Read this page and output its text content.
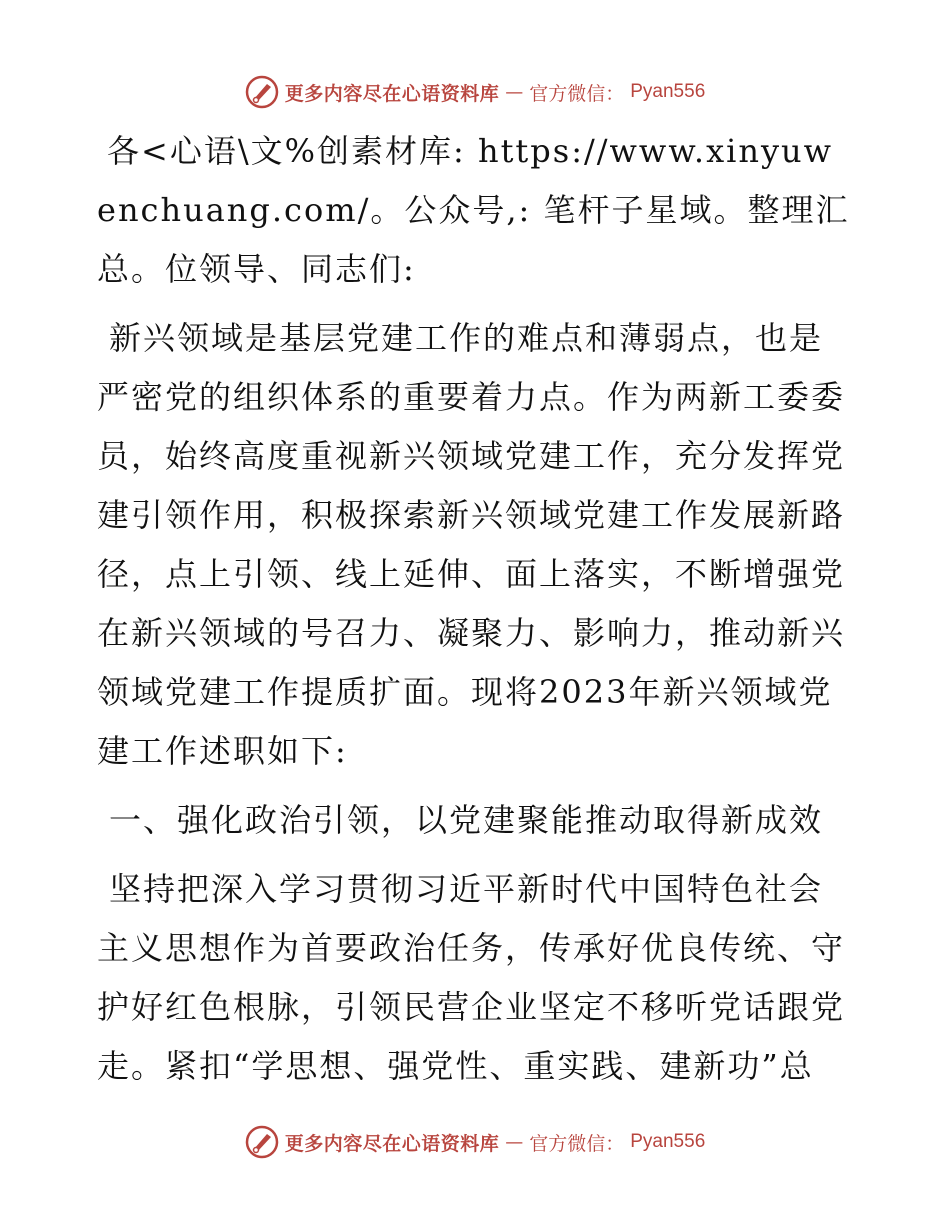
更多内容尽在心语资料库 — 官方微信： Pyan556

各<心语\文%创素材库: https://www.xinyuwenchuang.com/。公众号,: 笔杆子星域。整理汇总。位领导、同志们:

新兴领域是基层党建工作的难点和薄弱点，也是严密党的组织体系的重要着力点。作为两新工委委员，始终高度重视新兴领域党建工作，充分发挥党建引领作用，积极探索新兴领域党建工作发展新路径，点上引领、线上延伸、面上落实，不断增强党在新兴领域的号召力、凝聚力、影响力，推动新兴领域党建工作提质扩面。现将2023年新兴领域党建工作述职如下:

一、强化政治引领，以党建聚能推动取得新成效

坚持把深入学习贯彻习近平新时代中国特色社会主义思想作为首要政治任务，传承好优良传统、守护好红色根脉，引领民营企业坚定不移听党话跟党走。紧扣“学思想、强党性、重实践、建新功”总

更多内容尽在心语资料库 — 官方微信： Pyan556
